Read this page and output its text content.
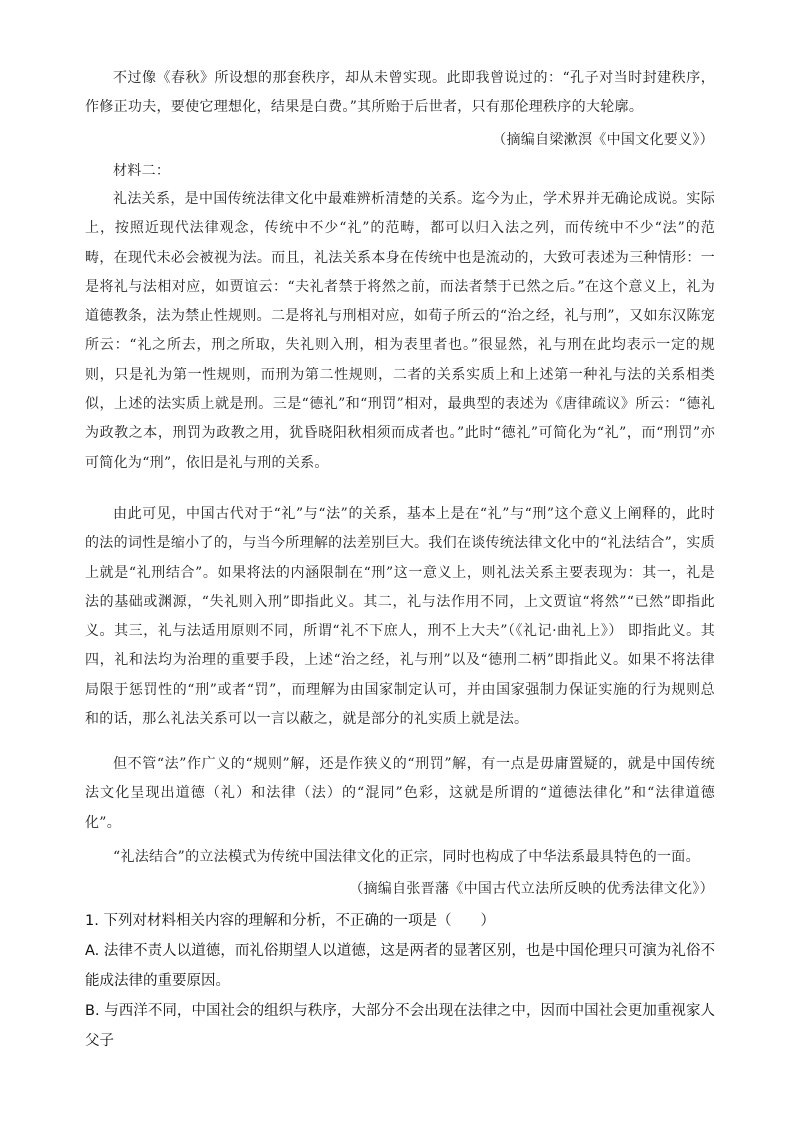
不过像《春秋》所设想的那套秩序，却从未曾实现。此即我曾说过的：“孔子对当时封建秩序，作修正功夫，要使它理想化，结果是白费。”其所贻于后世者，只有那伦理秩序的大轮廓。

（摘编自梁漱溟《中国文化要义》）

材料二：

礼法关系，是中国传统法律文化中最难辨析清楚的关系。迄今为止，学术界并无确论成说。实际上，按照近现代法律观念，传统中不少“礼”的范畴，都可以归入法之列，而传统中不少“法”的范畴，在现代未必会被视为法。而且，礼法关系本身在传统中也是流动的，大致可表述为三种情形：一是将礼与法相对应，如贾谊云：“夫礼者禁于将然之前，而法者禁于已然之后。”在这个意义上，礼为道德教条，法为禁止性规则。二是将礼与刑相对应，如荀子所云的“治之经，礼与刑”，又如东汉陈宠所云：“礼之所去，刑之所取，失礼则入刑，相为表里者也。”很显然，礼与刑在此均表示一定的规则，只是礼为第一性规则，而刑为第二性规则，二者的关系实质上和上述第一种礼与法的关系相类似，上述的法实质上就是刑。三是“德礼”和“刑罚”相对，最典型的表述为《唐律疏议》所云：“德礼为政教之本，刑罚为政教之用，犹昏晓阳秋相须而成者也。”此时“德礼”可简化为“礼”，而“刑罚”亦可简化为“刑”，依旧是礼与刑的关系。

由此可见，中国古代对于“礼”与“法”的关系，基本上是在“礼”与“刑”这个意义上阐释的，此时的法的词性是缩小了的，与当今所理解的法差别巨大。我们在谈传统法律文化中的“礼法结合”，实质上就是“礼刑结合”。如果将法的内涵限制在“刑”这一意义上，则礼法关系主要表现为：其一，礼是法的基础或渊源，“失礼则入刑”即指此义。其二，礼与法作用不同，上文贾谊“将然”“已然”即指此义。其三，礼与法适用原则不同，所谓“礼不下庶人，刑不上大夫”（《礼记·曲礼上》） 即指此义。其四，礼和法均为治理的重要手段，上述“治之经，礼与刑”以及“德刑二柄”即指此义。如果不将法律局限于惩罚性的“刑”或者“罚”，而理解为由国家制定认可，并由国家强制力保证实施的行为规则总和的话，那么礼法关系可以一言以蔽之，就是部分的礼实质上就是法。

但不管“法”作广义的“规则”解，还是作狭义的“刑罚”解，有一点是毋庸置疑的，就是中国传统法文化呈现出道德（礼）和法律（法）的“混同”色彩，这就是所谓的“道德法律化”和“法律道德化”。

“礼法结合”的立法模式为传统中国法律文化的正宗，同时也构成了中华法系最具特色的一面。

（摘编自张晋藩《中国古代立法所反映的优秀法律文化》）

1. 下列对材料相关内容的理解和分析，不正确的一项是（　　）

A. 法律不责人以道德，而礼俗期望人以道德，这是两者的显著区别，也是中国伦理只可演为礼俗不能成法律的重要原因。

B. 与西洋不同，中国社会的组织与秩序，大部分不会出现在法律之中，因而中国社会更加重视家人父子
